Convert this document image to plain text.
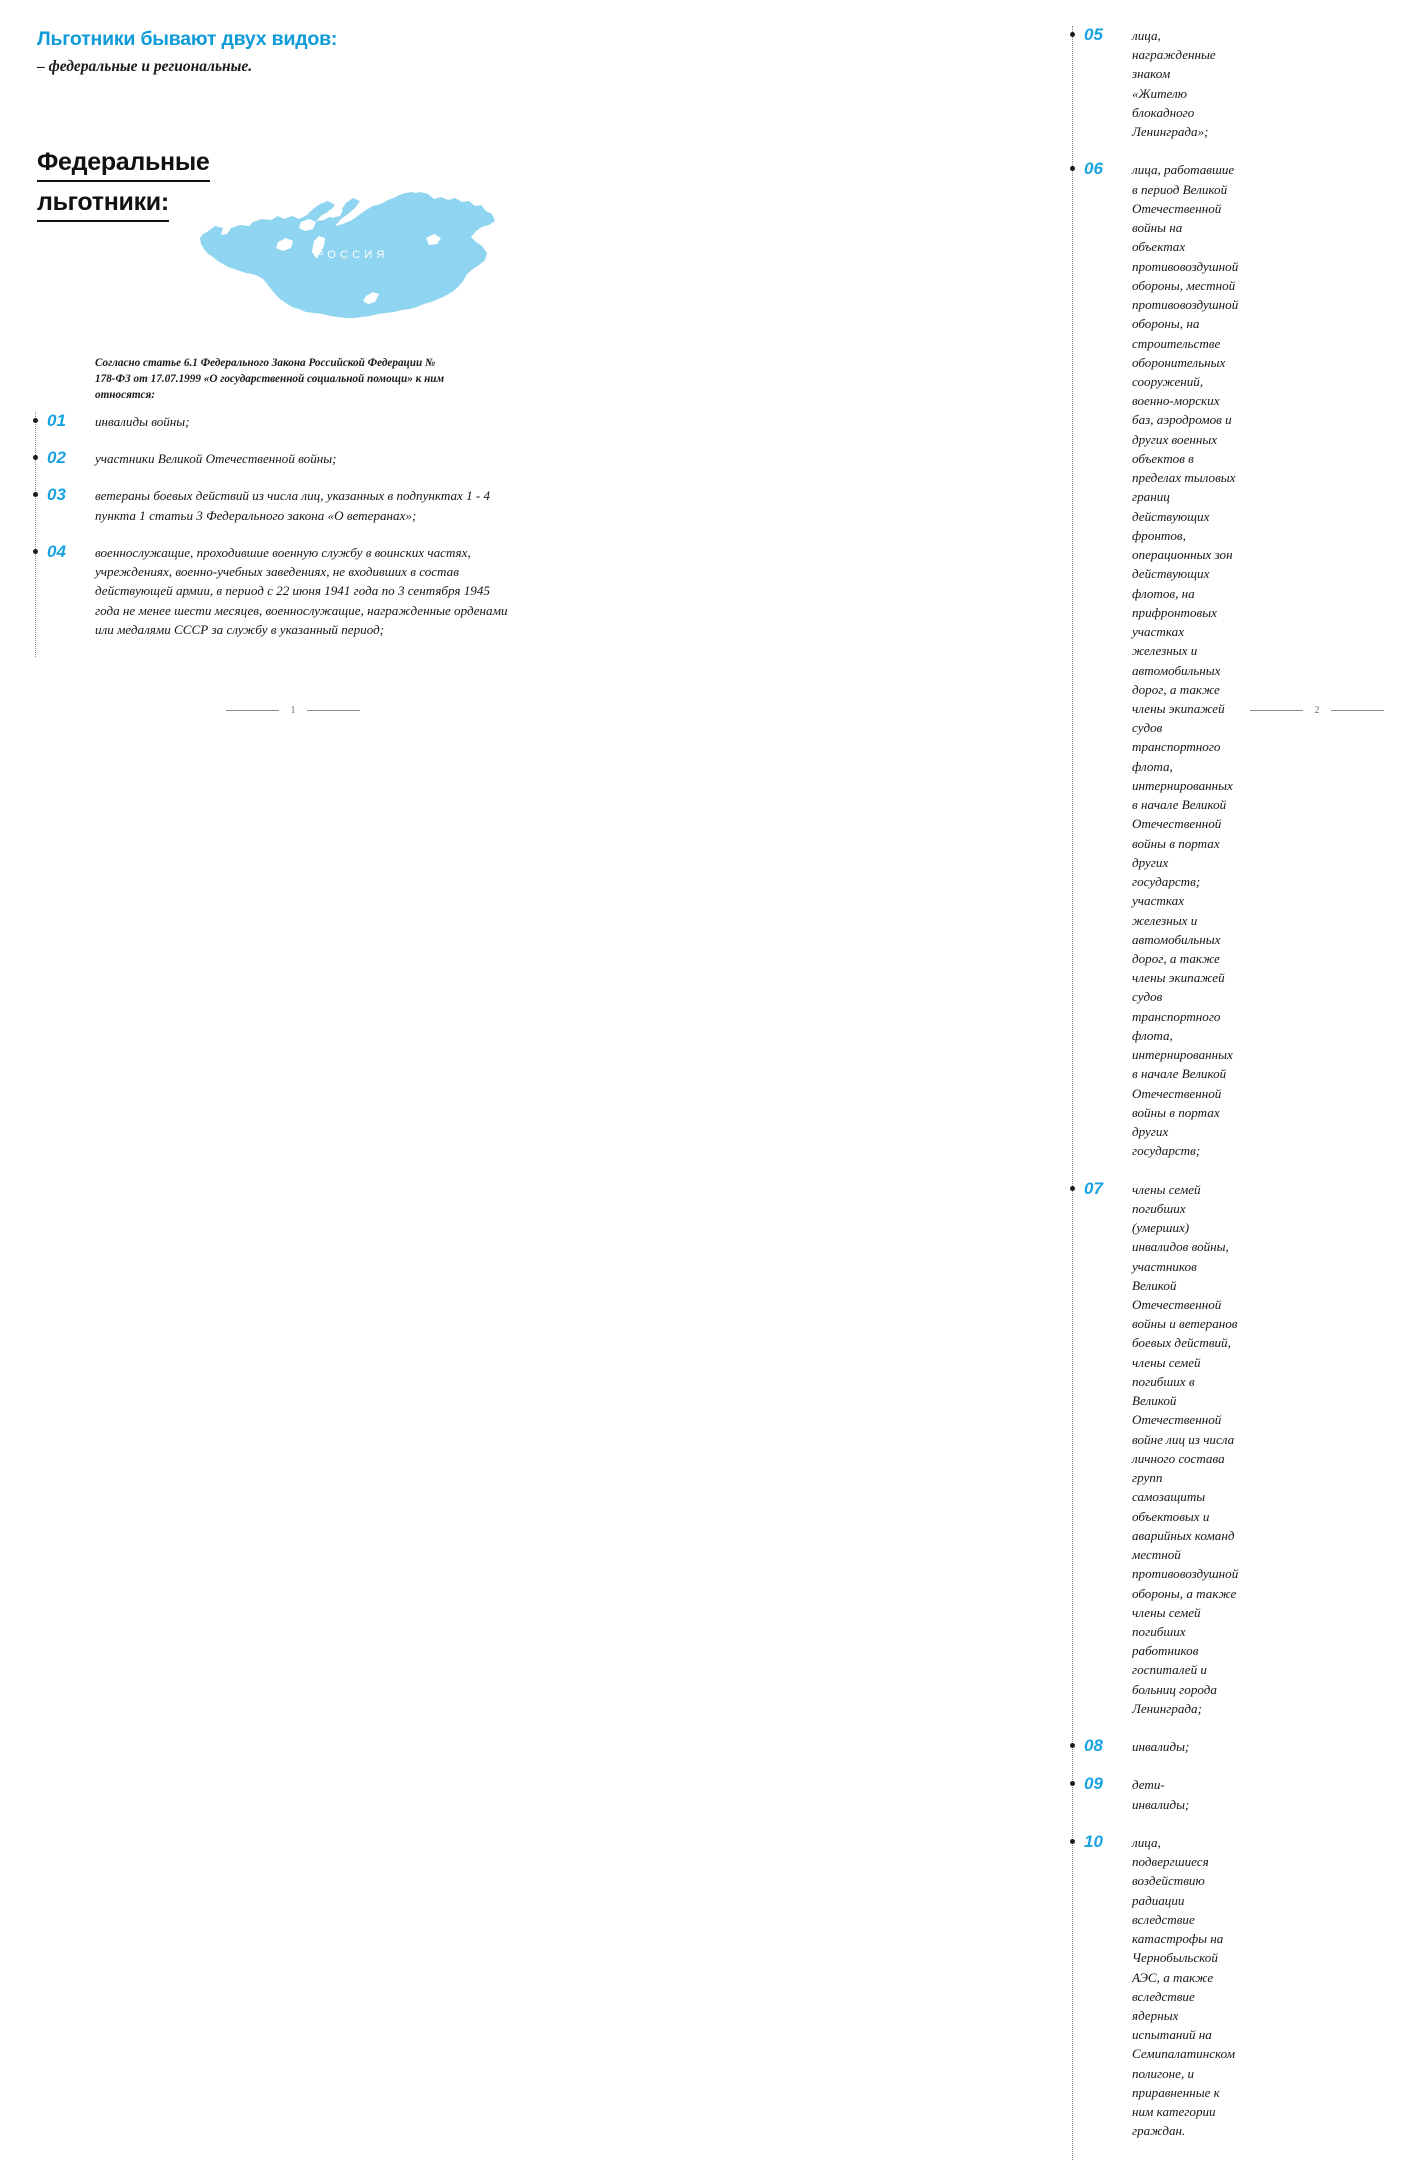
Льготники бывают двух видов:
– федеральные и региональные.
Федеральные
льготники:
РОССИЯ
Согласно статье 6.1 Федерального Закона Российской Федерации № 178-ФЗ от 17.07.1999 «О государственной социальной помощи» к ним относятся:
01	инвалиды войны;
02	участники Великой Отечественной войны;
03	ветераны боевых действий из числа лиц, указанных в подпунктах 1 - 4 пункта 1 статьи 3 Федерального закона «О ветеранах»;
04	военнослужащие, проходившие военную службу в воинских частях, учреждениях, военно-учебных заведениях, не входивших в состав действующей армии, в период с 22 июня 1941 года по 3 сентября 1945 года не менее шести месяцев, военнослужащие, награжденные орденами или медалями СССР за службу в указанный период;
1
05	лица, награжденные знаком «Жителю блокадного Ленинграда»;
06	лица, работавшие в период Великой Отечественной войны на объектах противовоздушной обороны, местной противовоздушной обороны, на строительстве оборонительных сооружений, военно-морских баз, аэродромов и других военных объектов в пределах тыловых границ действующих фронтов, операционных зон действующих флотов, на прифронтовых участках железных и автомобильных дорог, а также члены экипажей судов транспортного флота, интернированных в начале Великой Отечественной войны в портах других государств; участках железных и автомобильных дорог, а также члены экипажей судов транспортного флота, интернированных в начале Великой Отечественной войны в портах других государств;
07	члены семей погибших (умерших) инвалидов войны, участников Великой Отечественной войны и ветеранов боевых действий, члены семей погибших в Великой Отечественной войне лиц из числа личного состава групп самозащиты объектовых и аварийных команд местной противовоздушной обороны, а также члены семей погибших работников госпиталей и больниц города Ленинграда;
08	инвалиды;
09	дети-инвалиды;
10	лица, подвергшиеся воздействию радиации вследствие катастрофы на Чернобыльской АЭС, а также вследствие ядерных испытаний на Семипалатинском полигоне, и приравненные к ним категории граждан.
2
